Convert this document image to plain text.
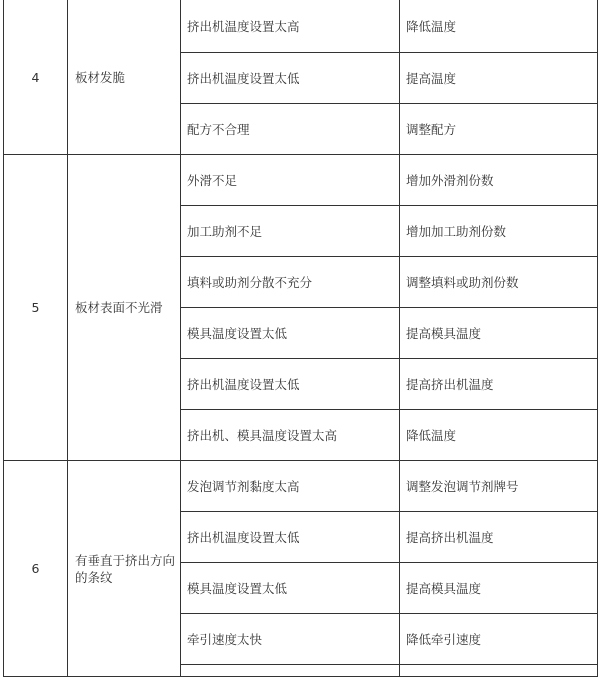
4	板材发脆	挤出机温度设置太高	降低温度
		挤出机温度设置太低	提高温度
		配方不合理	调整配方
5	板材表面不光滑	外滑不足	增加外滑剂份数
		加工助剂不足	增加加工助剂份数
		填料或助剂分散不充分	调整填料或助剂份数
		模具温度设置太低	提高模具温度
		挤出机温度设置太低	提高挤出机温度
		挤出机、模具温度设置太高	降低温度
6	有垂直于挤出方向的条纹	发泡调节剂黏度太高	调整发泡调节剂牌号
		挤出机温度设置太低	提高挤出机温度
		模具温度设置太低	提高模具温度
		牵引速度太快	降低牵引速度
